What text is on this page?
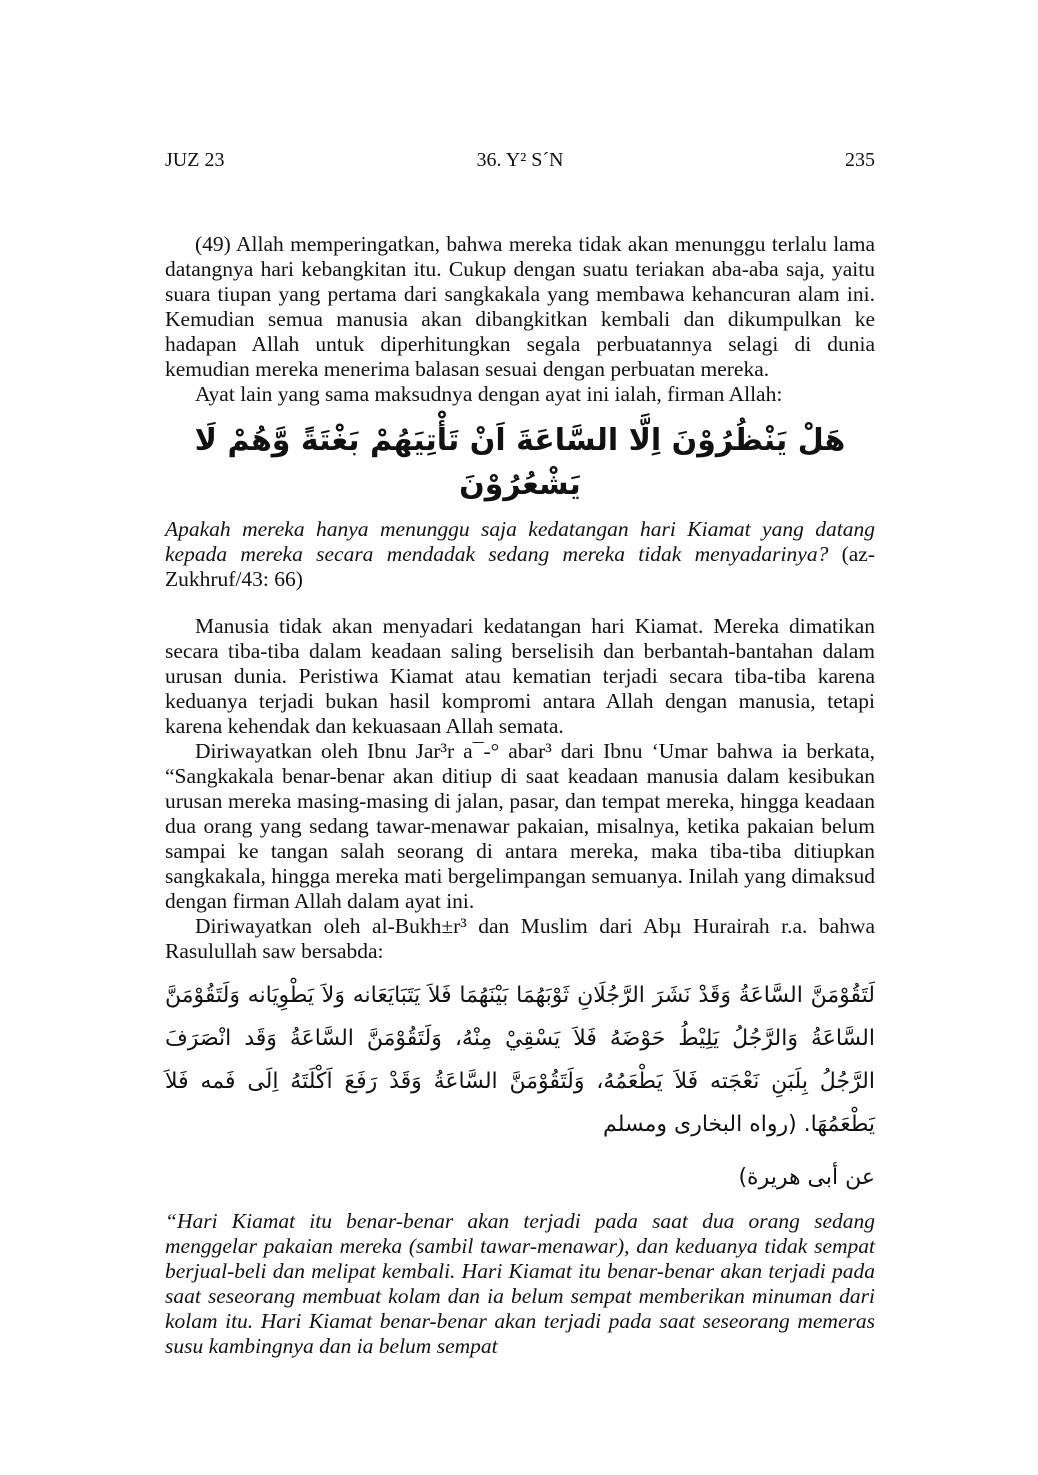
JUZ 23	36. Y² S´N	235

(49) Allah memperingatkan, bahwa mereka tidak akan menunggu terlalu lama datangnya hari kebangkitan itu. Cukup dengan suatu teriakan aba-aba saja, yaitu suara tiupan yang pertama dari sangkakala yang membawa kehancuran alam ini. Kemudian semua manusia akan dibangkitkan kembali dan dikumpulkan ke hadapan Allah untuk diperhitungkan segala perbuatannya selagi di dunia kemudian mereka menerima balasan sesuai dengan perbuatan mereka.

Ayat lain yang sama maksudnya dengan ayat ini ialah, firman Allah:

هَلْ يَنْظُرُوْنَ اِلَّا السَّاعَةَ اَنْ تَأْتِيَهُمْ بَغْتَةً وَّهُمْ لَا يَشْعُرُوْنَ

Apakah mereka hanya menunggu saja kedatangan hari Kiamat yang datang kepada mereka secara mendadak sedang mereka tidak menyadarinya? (az-Zukhruf/43: 66)

Manusia tidak akan menyadari kedatangan hari Kiamat. Mereka dimatikan secara tiba-tiba dalam keadaan saling berselisih dan berbantah-bantahan dalam urusan dunia. Peristiwa Kiamat atau kematian terjadi secara tiba-tiba karena keduanya terjadi bukan hasil kompromi antara Allah dengan manusia, tetapi karena kehendak dan kekuasaan Allah semata.

Diriwayatkan oleh Ibnu Jar³r a¯-° abar³ dari Ibnu ‘Umar bahwa ia berkata, “Sangkakala benar-benar akan ditiup di saat keadaan manusia dalam kesibukan urusan mereka masing-masing di jalan, pasar, dan tempat mereka, hingga keadaan dua orang yang sedang tawar-menawar pakaian, misalnya, ketika pakaian belum sampai ke tangan salah seorang di antara mereka, maka tiba-tiba ditiupkan sangkakala, hingga mereka mati bergelimpangan semuanya. Inilah yang dimaksud dengan firman Allah dalam ayat ini.

Diriwayatkan oleh al-Bukh±r³ dan Muslim dari Abµ Hurairah r.a. bahwa Rasulullah saw bersabda:

لَتَقُوْمَنَّ السَّاعَةُ وَقَدْ نَشَرَ الرَّجُلَانِ ثَوْبَهُمَا بَيْنَهُمَا فَلاَ يَتَبَايَعَانه وَلاَ يَطْوِيَانه وَلَتَقُوْمَنَّ السَّاعَةُ وَالرَّجُلُ يَلِيْطُ حَوْضَهُ فَلاَ يَسْقِيْ مِنْهُ، وَلَتَقُوْمَنَّ السَّاعَةُ وَقَد انْصَرَفَ الرَّجُلُ بِلَبَنِ نَعْجَته فَلاَ يَطْعَمُهُ، وَلَتَقُوْمَنَّ السَّاعَةُ وَقَدْ رَفَعَ اَكْلَتَهُ اِلَى فَمه فَلاَ يَطْعَمُهَا. (رواه البخارى ومسلم
عن أبى هريرة)

“Hari Kiamat itu benar-benar akan terjadi pada saat dua orang sedang menggelar pakaian mereka (sambil tawar-menawar), dan keduanya tidak sempat berjual-beli dan melipat kembali. Hari Kiamat itu benar-benar akan terjadi pada saat seseorang membuat kolam dan ia belum sempat memberikan minuman dari kolam itu. Hari Kiamat benar-benar akan terjadi pada saat seseorang memeras susu kambingnya dan ia belum sempat
